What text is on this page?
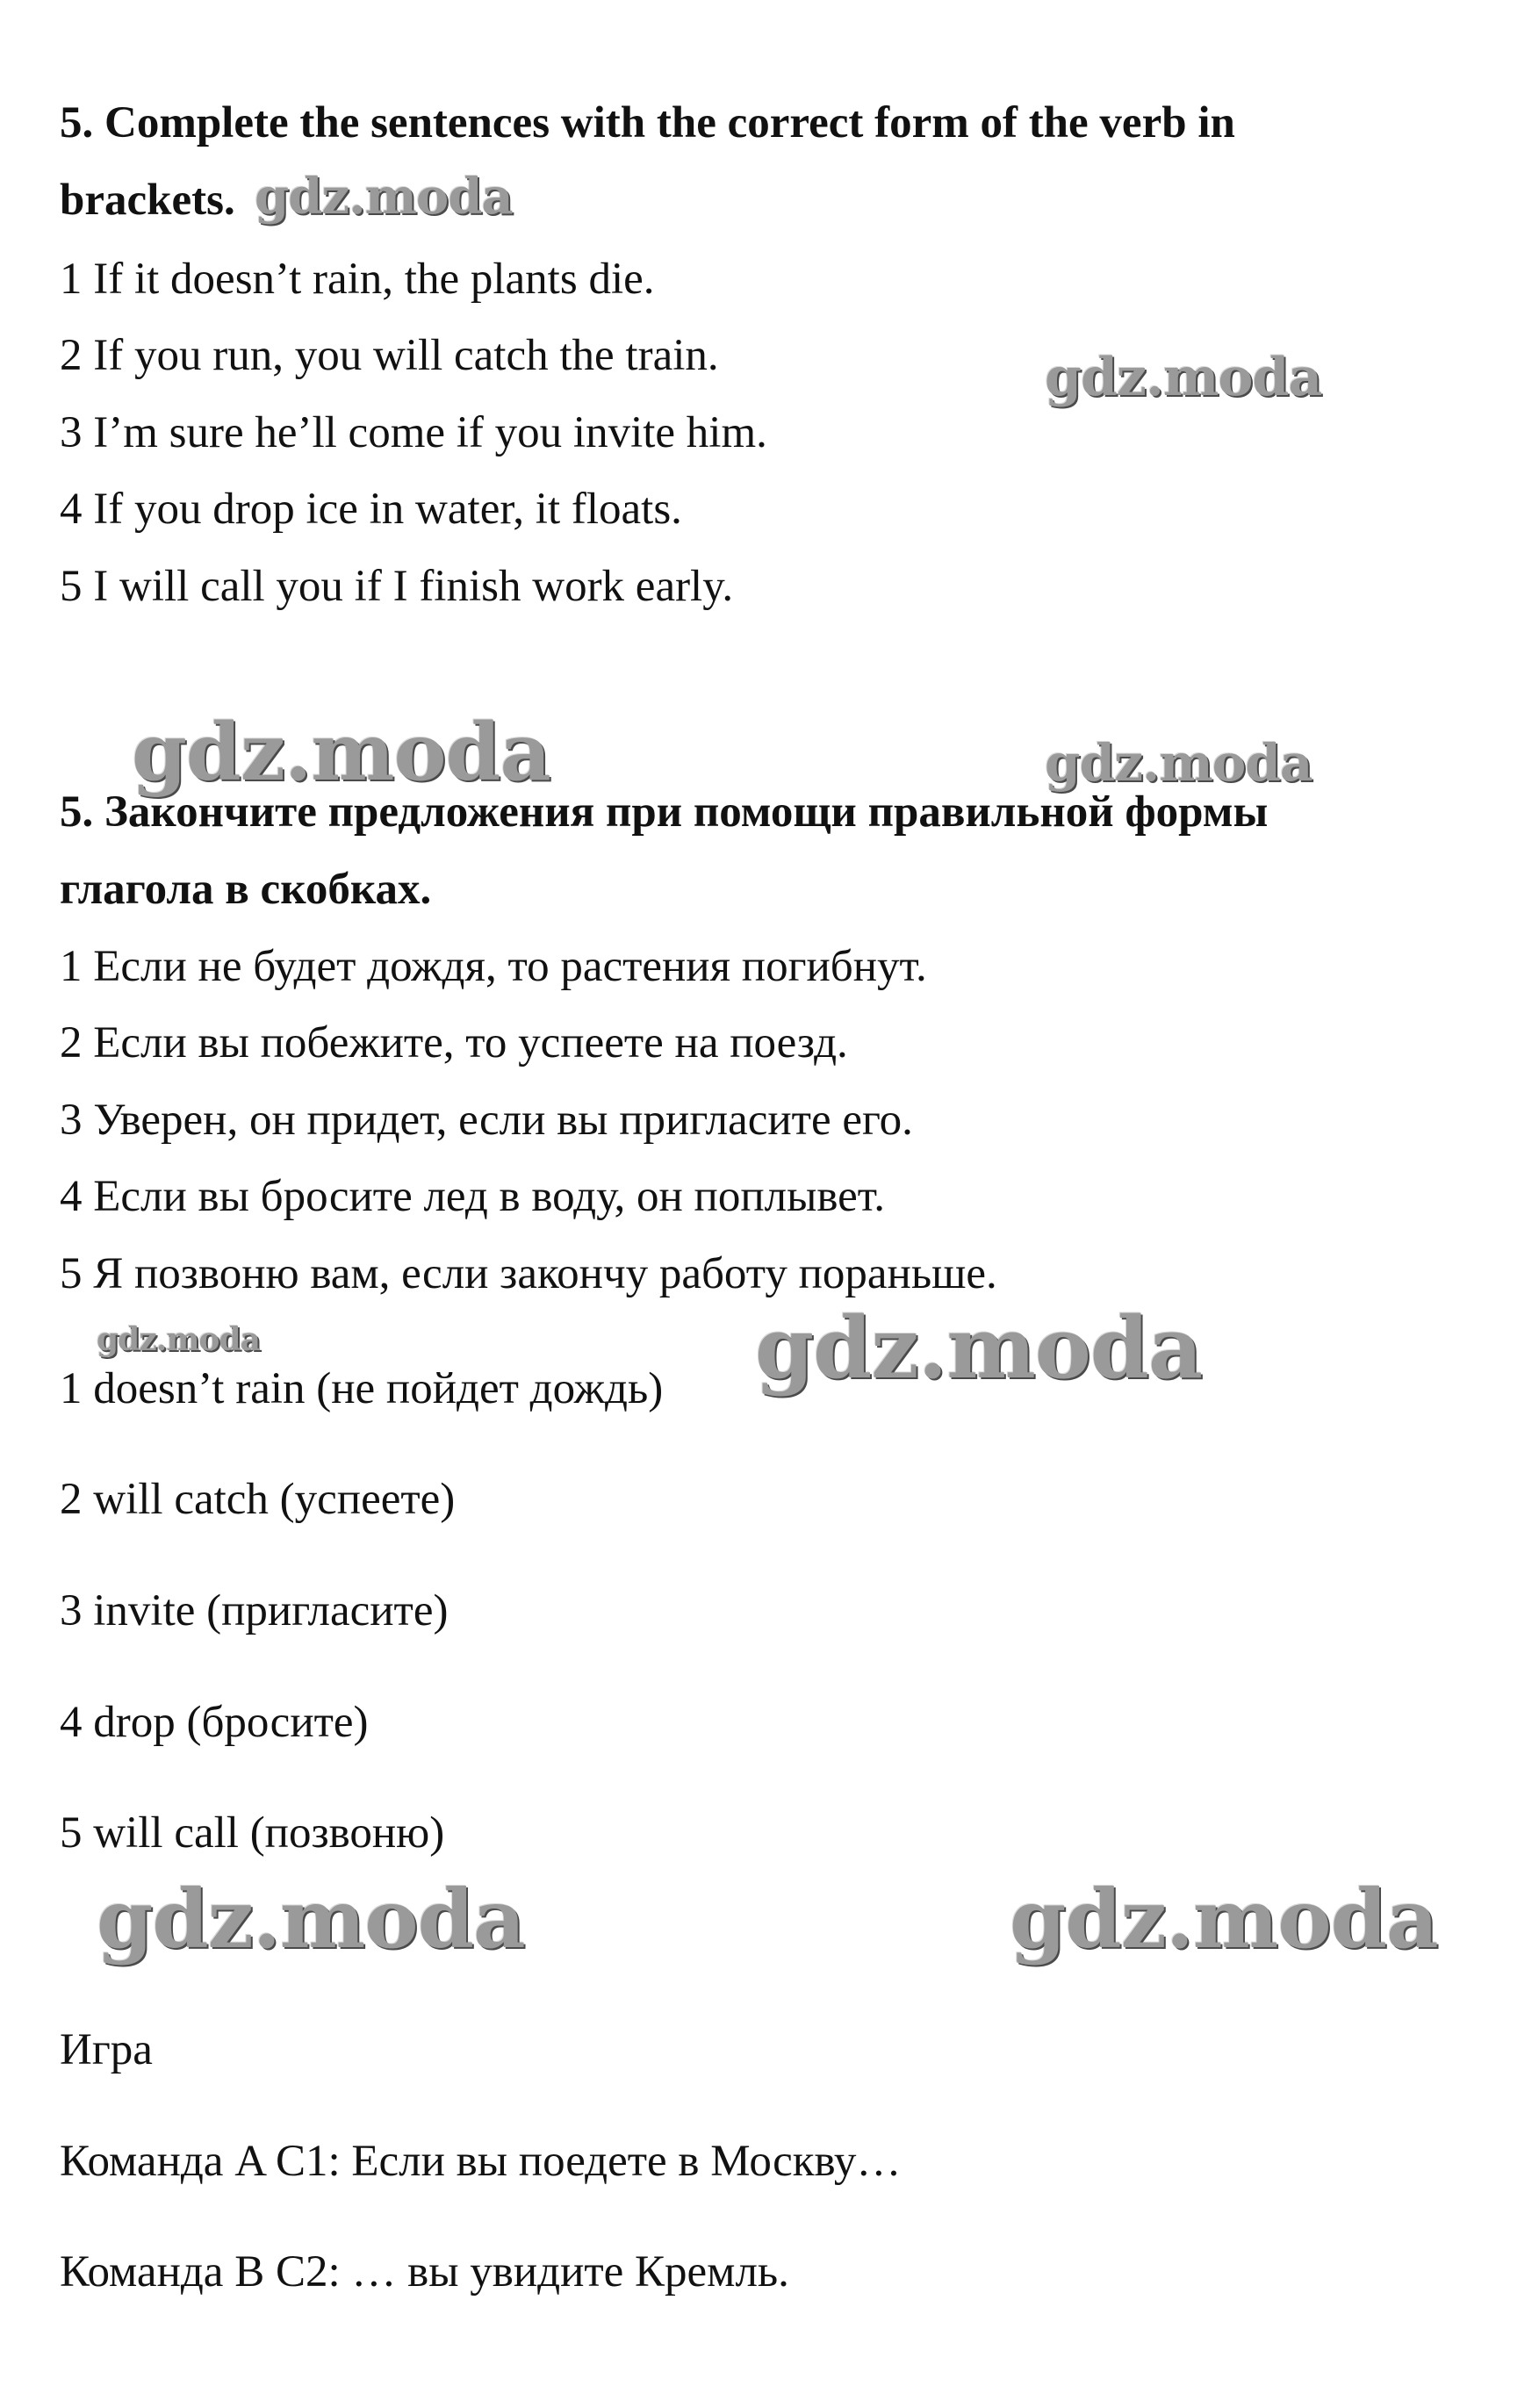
5. Complete the sentences with the correct form of the verb in
brackets. gdz.moda
1 If it doesn’t rain, the plants die.
2 If you run, you will catch the train.	gdz.moda
3 I’m sure he’ll come if you invite him.
4 If you drop ice in water, it floats.
5 I will call you if I finish work early.
gdz.moda	gdz.moda
5. Закончите предложения при помощи правильной формы
глагола в скобках.
1 Если не будет дождя, то растения погибнут.
2 Если вы побежите, то успеете на поезд.
3 Уверен, он придет, если вы пригласите его.
4 Если вы бросите лед в воду, он поплывет.
5 Я позвоню вам, если закончу работу пораньше.
gdz.moda
1 doesn’t rain (не пойдет дождь) gdz.moda
2 will catch (успеете)
3 invite (пригласите)
4 drop (бросите)
5 will call (позвоню)
gdz.moda	gdz.moda
Игра
Команда A C1: Если вы поедете в Москву…
Команда B C2: … вы увидите Кремль.
